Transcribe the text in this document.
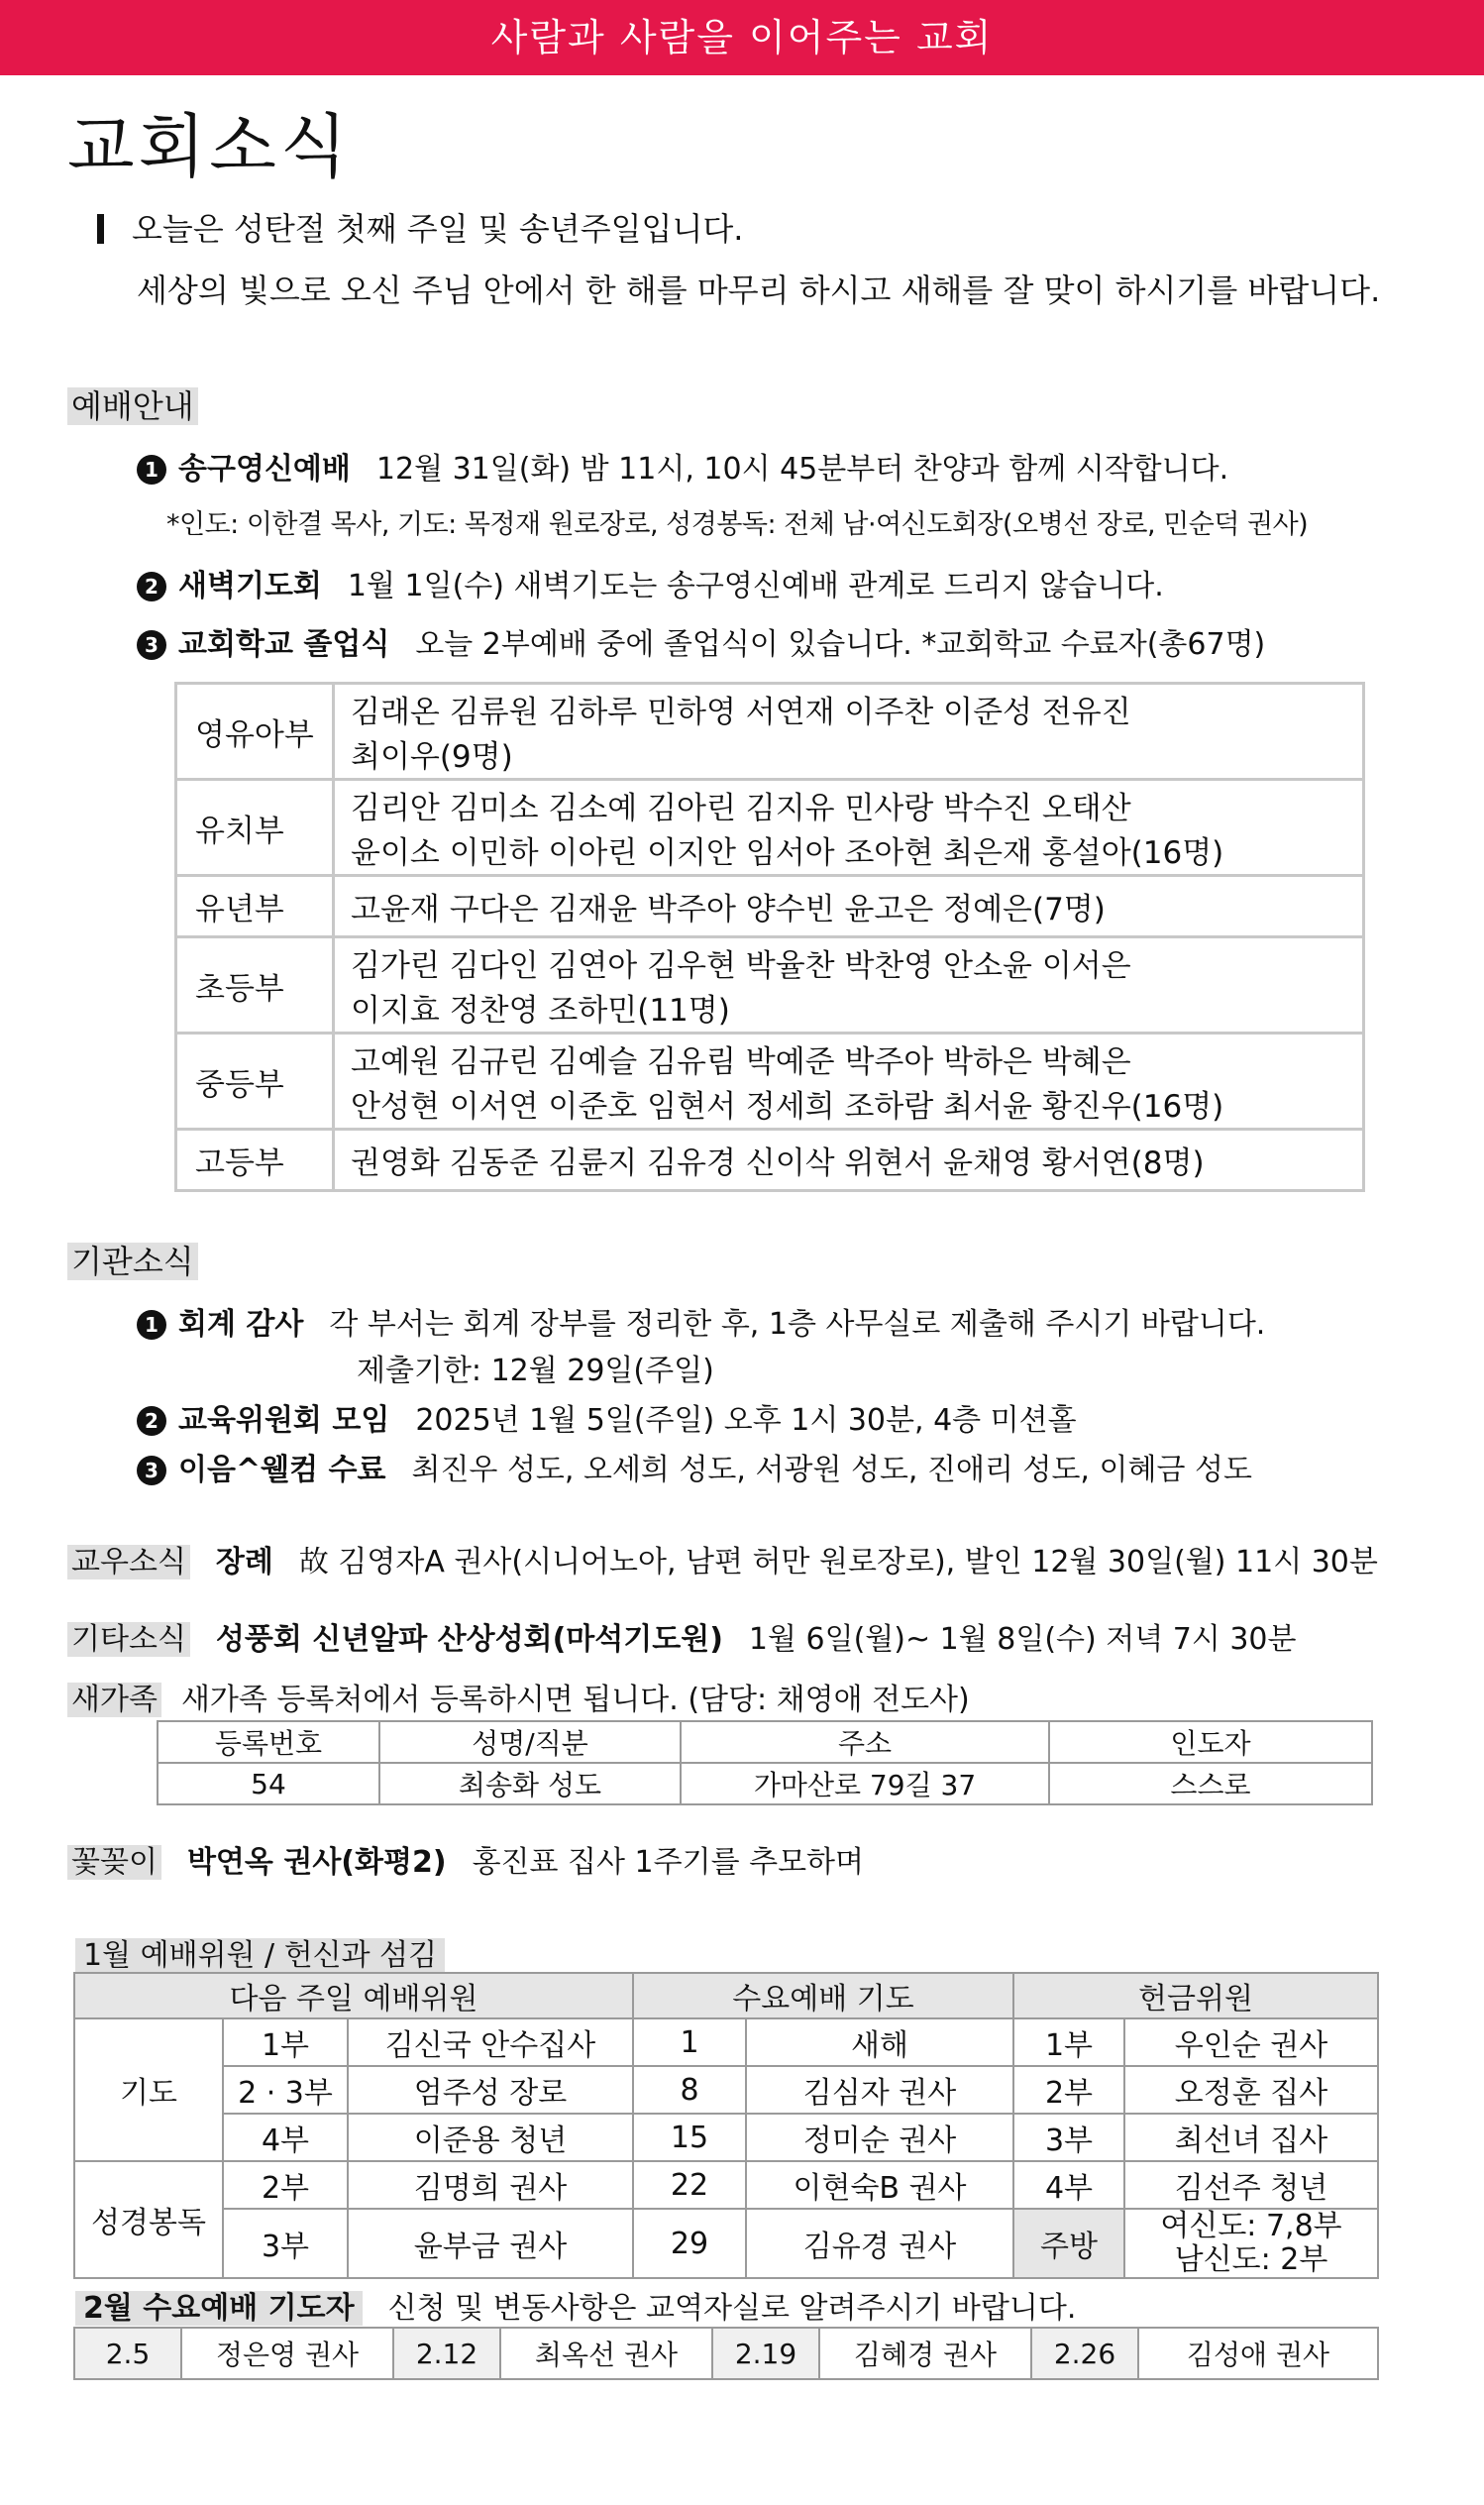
사람과 사람을 이어주는 교회
교회소식
오늘은 성탄절 첫째 주일 및 송년주일입니다.
세상의 빛으로 오신 주님 안에서 한 해를 마무리 하시고 새해를 잘 맞이 하시기를 바랍니다.
예배안내
1 송구영신예배 12월 31일(화) 밤 11시, 10시 45분부터 찬양과 함께 시작합니다.
*인도: 이한결 목사, 기도: 목정재 원로장로, 성경봉독: 전체 남·여신도회장(오병선 장로, 민순덕 권사)
2 새벽기도회 1월 1일(수) 새벽기도는 송구영신예배 관계로 드리지 않습니다.
3 교회학교 졸업식 오늘 2부예배 중에 졸업식이 있습니다. *교회학교 수료자(총67명)
영유아부	김래온 김류원 김하루 민하영 서연재 이주찬 이준성 전유진
최이우(9명)

유치부	김리안 김미소 김소예 김아린 김지유 민사랑 박수진 오태산
윤이소 이민하 이아린 이지안 임서아 조아현 최은재 홍설아(16명)

유년부	고윤재 구다은 김재윤 박주아 양수빈 윤고은 정예은(7명)

초등부	김가린 김다인 김연아 김우현 박율찬 박찬영 안소윤 이서은
이지효 정찬영 조하민(11명)

중등부	고예원 김규린 김예슬 김유림 박예준 박주아 박하은 박혜은
안성현 이서연 이준호 임현서 정세희 조하람 최서윤 황진우(16명)

고등부	권영화 김동준 김륜지 김유경 신이삭 위현서 윤채영 황서연(8명)
기관소식
1 회계 감사 각 부서는 회계 장부를 정리한 후, 1층 사무실로 제출해 주시기 바랍니다.
제출기한: 12월 29일(주일)
2 교육위원회 모임 2025년 1월 5일(주일) 오후 1시 30분, 4층 미션홀
3 이음^웰컴 수료 최진우 성도, 오세희 성도, 서광원 성도, 진애리 성도, 이혜금 성도
교우소식 장례 故 김영자A 권사(시니어노아, 남편 허만 원로장로), 발인 12월 30일(월) 11시 30분
기타소식 성풍회 신년알파 산상성회(마석기도원) 1월 6일(월)~ 1월 8일(수) 저녁 7시 30분
새가족 새가족 등록처에서 등록하시면 됩니다. (담당: 채영애 전도사)
등록번호	성명/직분	주소	인도자
54	최송화 성도	가마산로 79길 37	스스로
꽃꽂이 박연옥 권사(화평2) 홍진표 집사 1주기를 추모하며
1월 예배위원 / 헌신과 섬김
다음 주일 예배위원			수요예배 기도		헌금위원	
기도	1부	김신국 안수집사	1	새해	1부	우인순 권사
	2 · 3부	엄주성 장로	8	김심자 권사	2부	오정훈 집사
	4부	이준용 청년	15	정미순 권사	3부	최선녀 집사
성경봉독	2부	김명희 권사	22	이현숙B 권사	4부	김선주 청년
	3부	윤부금 권사	29	김유경 권사	주방	여신도: 7,8부
남신도: 2부
2월 수요예배 기도자 신청 및 변동사항은 교역자실로 알려주시기 바랍니다.
2.5	정은영 권사	2.12	최옥선 권사	2.19	김혜경 권사	2.26	김성애 권사
